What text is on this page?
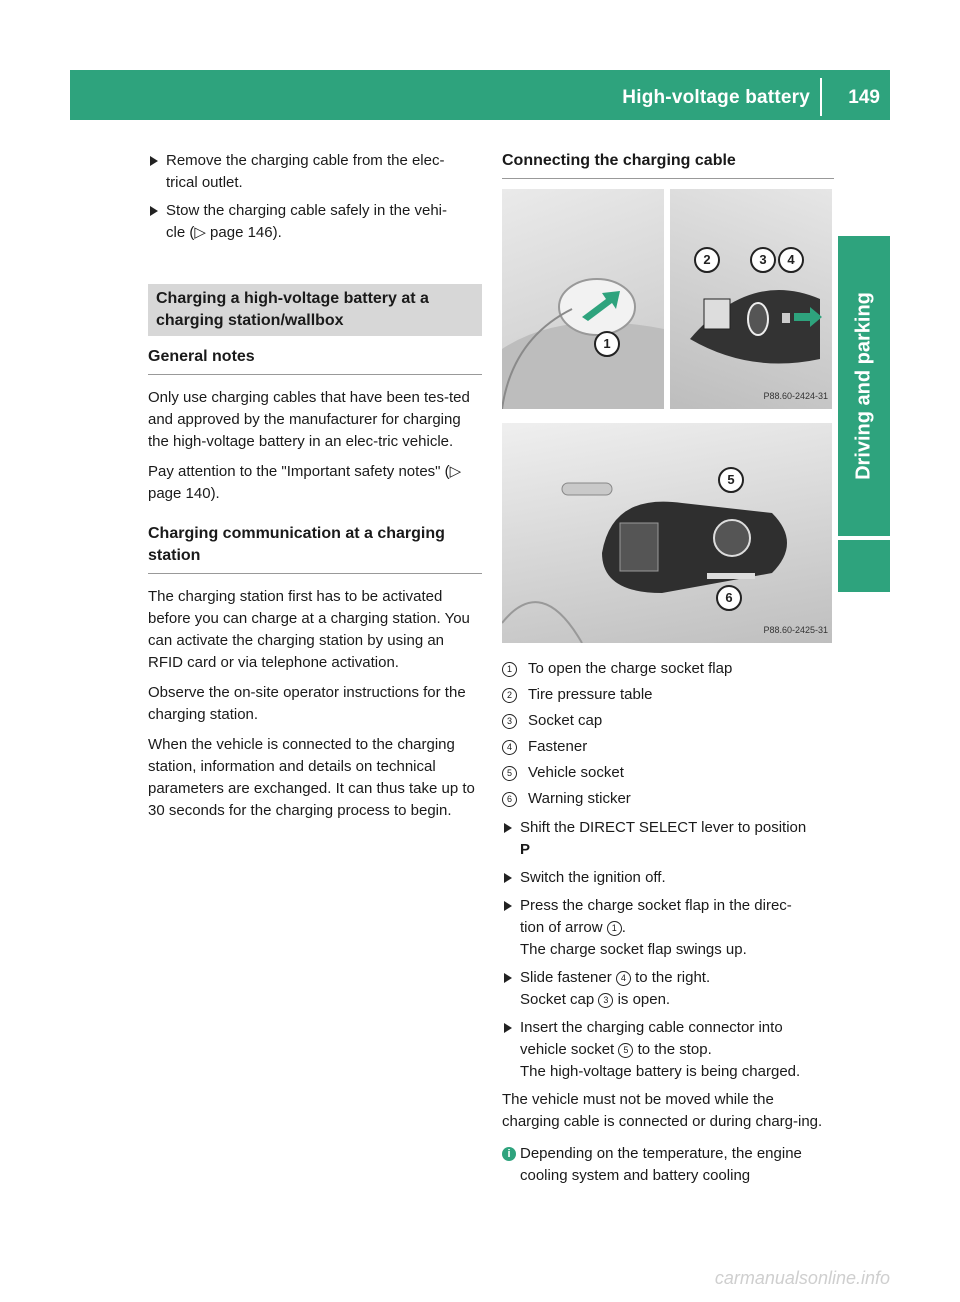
High-voltage battery 149
Driving and parking
Remove the charging cable from the elec-
trical outlet.
Stow the charging cable safely in the vehi-
cle (▷ page 146).
Charging a high-voltage battery at a
charging station/wallbox
General notes

Only use charging cables that have been tes-ted and approved by the manufacturer for charging the high-voltage battery in an elec-tric vehicle.

Pay attention to the "Important safety notes" (▷ page 140).

Charging communication at a charging station

The charging station first has to be activated before you can charge at a charging station. You can activate the charging station by using an RFID card or via telephone activation.

Observe the on-site operator instructions for the charging station.

When the vehicle is connected to the charging station, information and details on technical parameters are exchanged. It can thus take up to 30 seconds for the charging process to begin.

Connecting the charging cable
1
2	3	4
P88.60-2424-31
5
6
P88.60-2425-31
1	To open the charge socket flap
2	Tire pressure table
3	Socket cap
4	Fastener
5	Vehicle socket
6	Warning sticker
Shift the DIRECT SELECT lever to position
P
Switch the ignition off.
Press the charge socket flap in the direc-
tion of arrow 1 .
The charge socket flap swings up.
Slide fastener 4 to the right.
Socket cap 3 is open.
Insert the charging cable connector into
vehicle socket 5 to the stop.
The high-voltage battery is being charged.

The vehicle must not be moved while the charging cable is connected or during charg-ing.

i Depending on the temperature, the engine cooling system and battery cooling
carmanualsonline.info
